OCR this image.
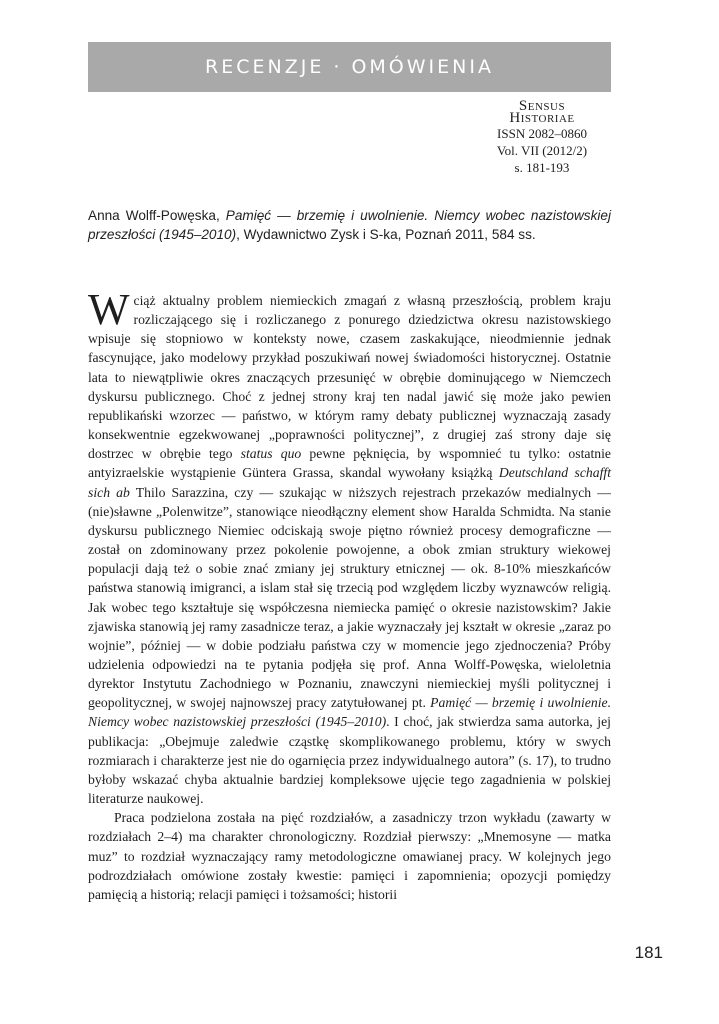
RECENZJE · OMÓWIENIA
Sensus
Historiae
ISSN 2082–0860
Vol. VII (2012/2)
s. 181-193
Anna Wolff-Powęska, Pamięć — brzemię i uwolnienie. Niemcy wobec nazistowskiej przeszłości (1945–2010), Wydawnictwo Zysk i S-ka, Poznań 2011, 584 ss.

Wciąż aktualny problem niemieckich zmagań z własną przeszłością, problem kraju rozliczającego się i rozliczanego z ponurego dziedzictwa okresu nazistowskiego wpisuje się stopniowo w konteksty nowe, czasem zaskakujące, nieodmiennie jednak fascynujące, jako modelowy przykład poszukiwań nowej świadomości historycznej. Ostatnie lata to niewątpliwie okres znaczących przesunięć w obrębie dominującego w Niemczech dyskursu publicznego. Choć z jednej strony kraj ten nadal jawić się może jako pewien republikański wzorzec — państwo, w którym ramy debaty publicznej wyznaczają zasady konsekwentnie egzekwowanej „poprawności politycznej”, z drugiej zaś strony daje się dostrzec w obrębie tego status quo pewne pęknięcia, by wspomnieć tu tylko: ostatnie antyizraelskie wystąpienie Güntera Grassa, skandal wywołany książką Deutschland schafft sich ab Thilo Sarazzina, czy — szukając w niższych rejestrach przekazów medialnych — (nie)sławne „Polenwitze”, stanowiące nieodłączny element show Haralda Schmidta. Na stanie dyskursu publicznego Niemiec odciskają swoje piętno również procesy demograficzne — został on zdominowany przez pokolenie powojenne, a obok zmian struktury wiekowej populacji dają też o sobie znać zmiany jej struktury etnicznej — ok. 8-10% mieszkańców państwa stanowią imigranci, a islam stał się trzecią pod względem liczby wyznawców religią. Jak wobec tego kształtuje się współczesna niemiecka pamięć o okresie nazistowskim? Jakie zjawiska stanowią jej ramy zasadnicze teraz, a jakie wyznaczały jej kształt w okresie „zaraz po wojnie”, później — w dobie podziału państwa czy w momencie jego zjednoczenia? Próby udzielenia odpowiedzi na te pytania podjęła się prof. Anna Wolff-Powęska, wieloletnia dyrektor Instytutu Zachodniego w Poznaniu, znawczyni niemieckiej myśli politycznej i geopolitycznej, w swojej najnowszej pracy zatytułowanej pt. Pamięć — brzemię i uwolnienie. Niemcy wobec nazistowskiej przeszłości (1945–2010). I choć, jak stwierdza sama autorka, jej publikacja: „Obejmuje zaledwie cząstkę skomplikowanego problemu, który w swych rozmiarach i charakterze jest nie do ogarnięcia przez indywidualnego autora” (s. 17), to trudno byłoby wskazać chyba aktualnie bardziej kompleksowe ujęcie tego zagadnienia w polskiej literaturze naukowej.

Praca podzielona została na pięć rozdziałów, a zasadniczy trzon wykładu (zawarty w rozdziałach 2–4) ma charakter chronologiczny. Rozdział pierwszy: „Mnemosyne — matka muz” to rozdział wyznaczający ramy metodologiczne omawianej pracy. W kolejnych jego podrozdziałach omówione zostały kwestie: pamięci i zapomnienia; opozycji pomiędzy pamięcią a historią; relacji pamięci i tożsamości; historii

181
